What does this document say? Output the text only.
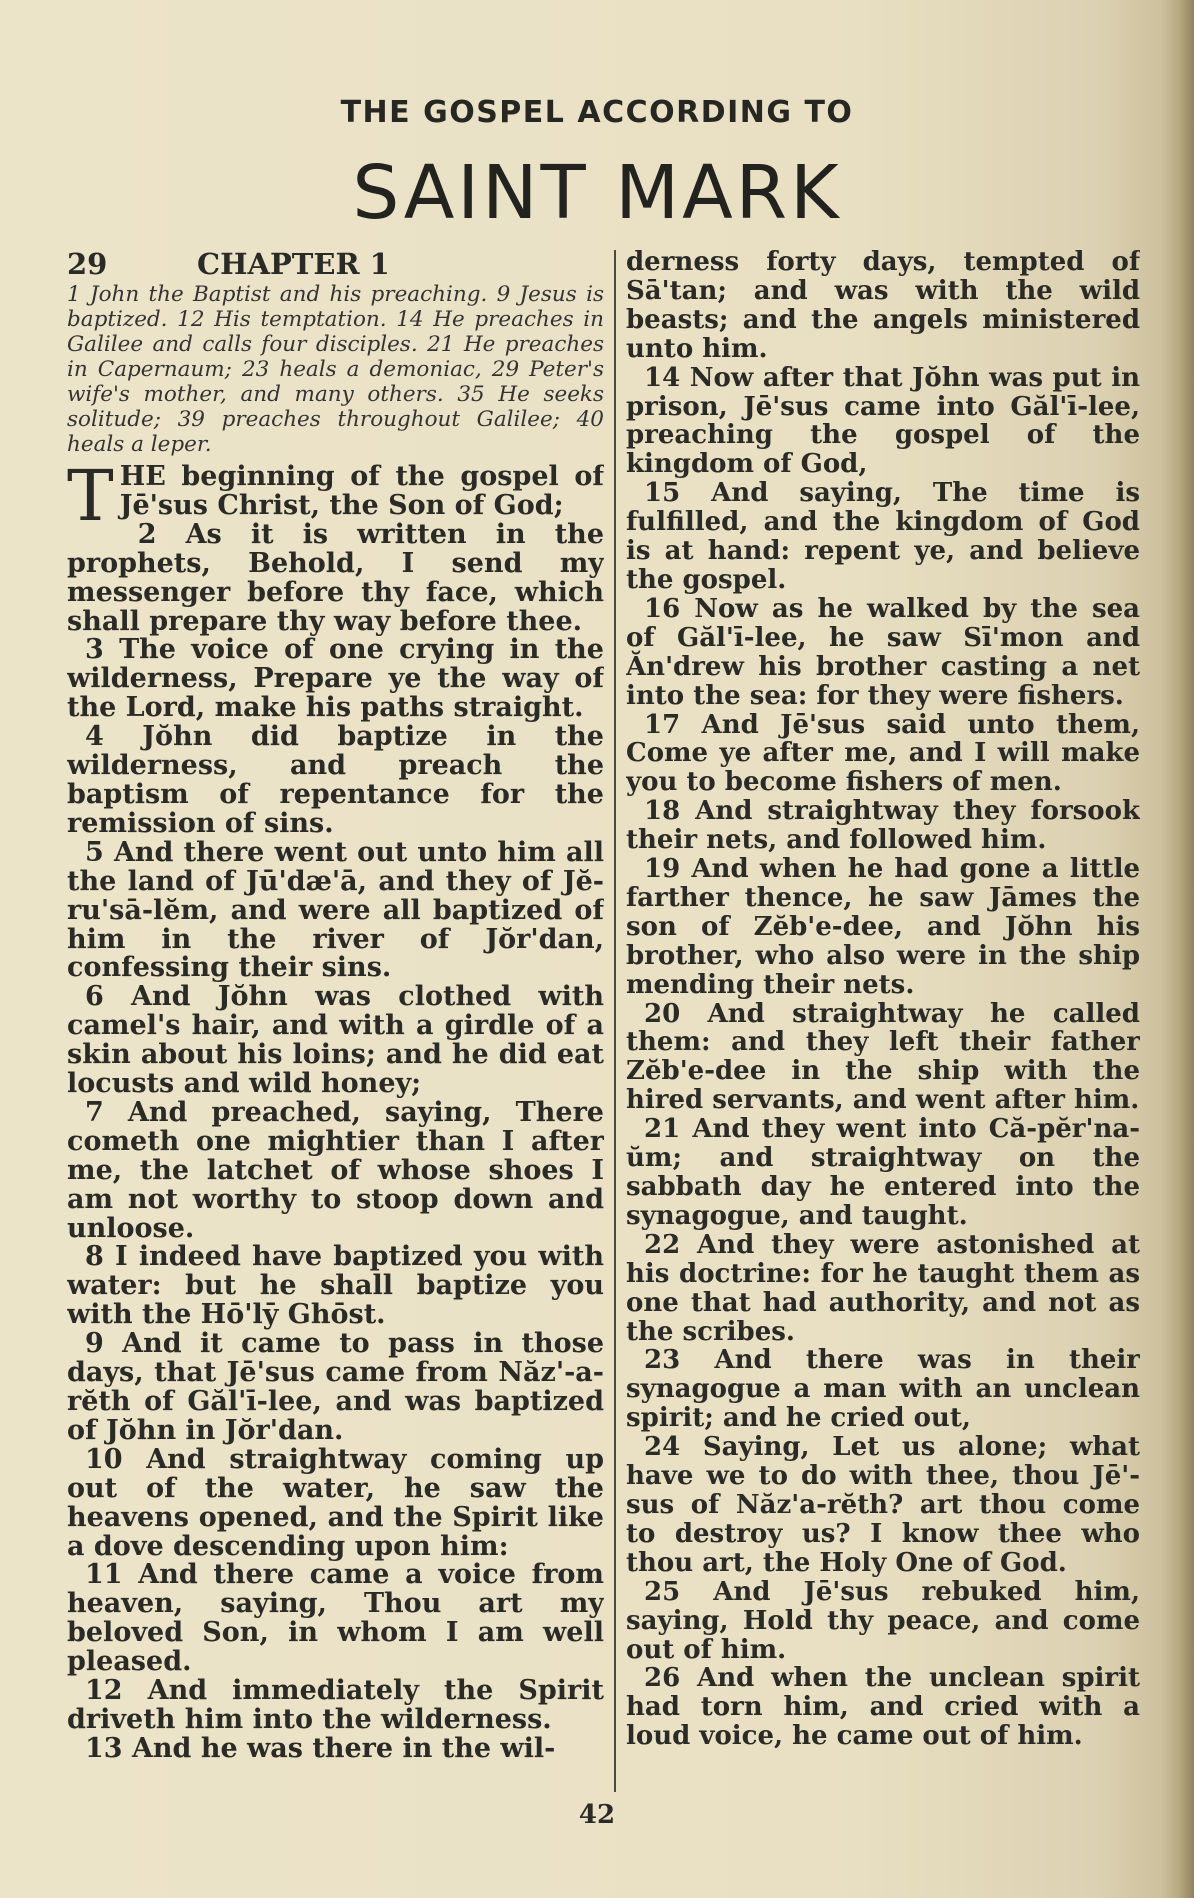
THE GOSPEL ACCORDING TO
SAINT MARK
29	CHAPTER 1
1 John the Baptist and his preaching. 9 Jesus is baptized. 12 His temptation. 14 He preaches in Galilee and calls four disciples. 21 He preaches in Capernaum; 23 heals a demoniac, 29 Peter's wife's mother, and many others. 35 He seeks solitude; 39 preaches throughout Galilee; 40 heals a leper.

THE beginning of the gospel of Jē'sus Christ, the Son of God;

2 As it is written in the prophets, Behold, I send my messenger before thy face, which shall prepare thy way before thee.

3 The voice of one crying in the wilderness, Prepare ye the way of the Lord, make his paths straight.

4 Jŏhn did baptize in the wilderness, and preach the baptism of repentance for the remission of sins.

5 And there went out unto him all the land of Jū'dæ'ā, and they of Jĕ-ru'sā-lĕm, and were all baptized of him in the river of Jŏr'dan, confessing their sins.

6 And Jŏhn was clothed with camel's hair, and with a girdle of a skin about his loins; and he did eat locusts and wild honey;

7 And preached, saying, There cometh one mightier than I after me, the latchet of whose shoes I am not worthy to stoop down and unloose.

8 I indeed have baptized you with water: but he shall baptize you with the Hō'lȳ Ghōst.

9 And it came to pass in those days, that Jē'sus came from Năz'-a-rĕth of Găl'ī-lee, and was baptized of Jŏhn in Jŏr'dan.

10 And straightway coming up out of the water, he saw the heavens opened, and the Spirit like a dove descending upon him:

11 And there came a voice from heaven, saying, Thou art my beloved Son, in whom I am well pleased.

12 And immediately the Spirit driveth him into the wilderness.

13 And he was there in the wil-

derness forty days, tempted of Sā'tan; and was with the wild beasts; and the angels ministered unto him.

14 Now after that Jŏhn was put in prison, Jē'sus came into Găl'ī-lee, preaching the gospel of the kingdom of God,

15 And saying, The time is fulfilled, and the kingdom of God is at hand: repent ye, and believe the gospel.

16 Now as he walked by the sea of Găl'ī-lee, he saw Sī'mon and Ăn'drew his brother casting a net into the sea: for they were fishers.

17 And Jē'sus said unto them, Come ye after me, and I will make you to become fishers of men.

18 And straightway they forsook their nets, and followed him.

19 And when he had gone a little farther thence, he saw Jāmes the son of Zĕb'e-dee, and Jŏhn his brother, who also were in the ship mending their nets.

20 And straightway he called them: and they left their father Zĕb'e-dee in the ship with the hired servants, and went after him.

21 And they went into Că-pĕr'na-ŭm; and straightway on the sabbath day he entered into the synagogue, and taught.

22 And they were astonished at his doctrine: for he taught them as one that had authority, and not as the scribes.

23 And there was in their synagogue a man with an unclean spirit; and he cried out,

24 Saying, Let us alone; what have we to do with thee, thou Jē'-sus of Năz'a-rĕth? art thou come to destroy us? I know thee who thou art, the Holy One of God.

25 And Jē'sus rebuked him, saying, Hold thy peace, and come out of him.

26 And when the unclean spirit had torn him, and cried with a loud voice, he came out of him.

42
